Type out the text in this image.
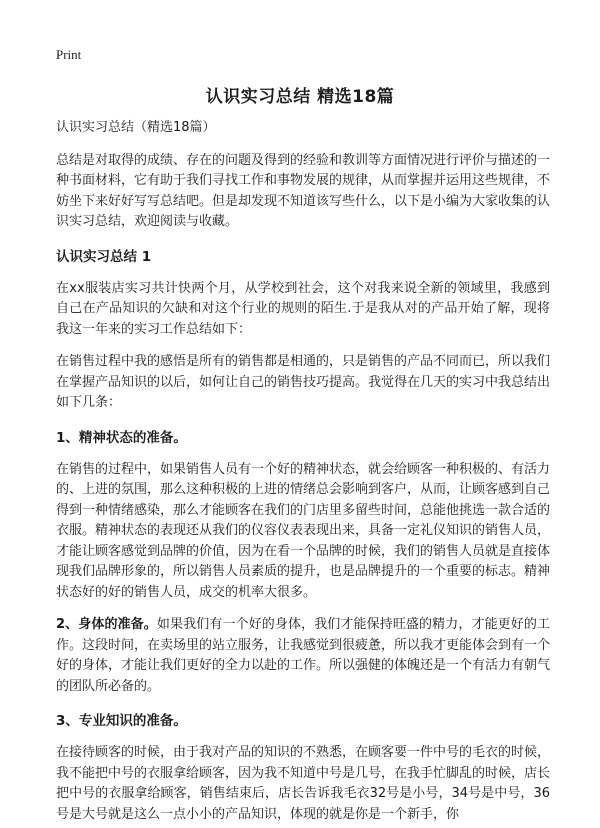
Print
认识实习总结 精选18篇

认识实习总结（精选18篇）

总结是对取得的成绩、存在的问题及得到的经验和教训等方面情况进行评价与描述的一种书面材料，它有助于我们寻找工作和事物发展的规律，从而掌握并运用这些规律，不妨坐下来好好写写总结吧。但是却发现不知道该写些什么，以下是小编为大家收集的认识实习总结，欢迎阅读与收藏。

认识实习总结 1

在xx服装店实习共计快两个月，从学校到社会，这个对我来说全新的领域里，我感到自己在产品知识的欠缺和对这个行业的规则的陌生.于是我从对的产品开始了解，现将我这一年来的实习工作总结如下：

在销售过程中我的感悟是所有的销售都是相通的，只是销售的产品不同而已，所以我们在掌握产品知识的以后，如何让自己的销售技巧提高。我觉得在几天的实习中我总结出如下几条：

1、精神状态的准备。

在销售的过程中，如果销售人员有一个好的精神状态，就会给顾客一种积极的、有活力的、上进的氛围，那么这种积极的上进的情绪总会影响到客户，从而，让顾客感到自己得到一种情绪感染，那么才能顾客在我们的门店里多留些时间，总能他挑选一款合适的衣服。精神状态的表现还从我们的仪容仪表表现出来，具备一定礼仪知识的销售人员，才能让顾客感觉到品牌的价值，因为在看一个品牌的时候，我们的销售人员就是直接体现我们品牌形象的，所以销售人员素质的提升，也是品牌提升的一个重要的标志。精神状态好的好的销售人员，成交的机率大很多。

2、身体的准备。如果我们有一个好的身体，我们才能保持旺盛的精力，才能更好的工作。这段时间，在卖场里的站立服务，让我感觉到很疲惫，所以我才更能体会到有一个好的身体，才能让我们更好的全力以赴的工作。所以强健的体魄还是一个有活力有朝气的团队所必备的。

3、专业知识的准备。

在接待顾客的时候，由于我对产品的知识的不熟悉，在顾客要一件中号的毛衣的时候，我不能把中号的衣服拿给顾客，因为我不知道中号是几号，在我手忙脚乱的时候，店长把中号的衣服拿给顾客，销售结束后，店长告诉我毛衣32号是小号，34号是中号，36号是大号就是这么一点小小的产品知识，体现的就是你是一个新手，你
